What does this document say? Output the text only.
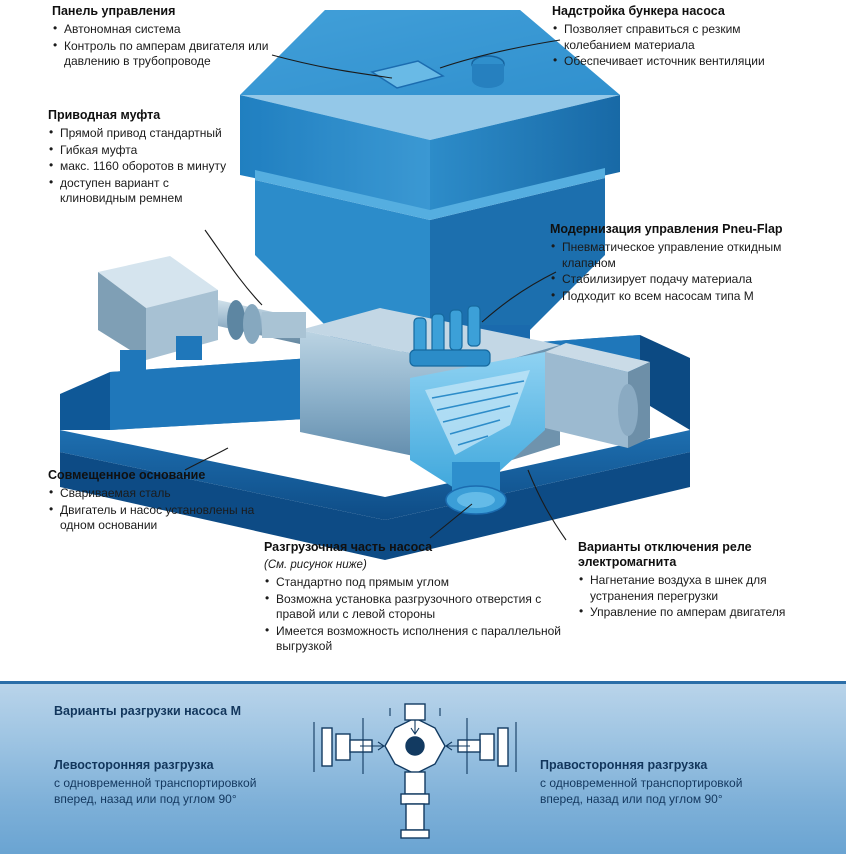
Панель управления
• Автономная система
• Контроль по амперам двигателя или давлению в трубопроводе
Надстройка бункера насоса
• Позволяет справиться с резким колебанием материала
• Обеспечивает источник вентиляции
Приводная муфта
• Прямой привод стандартный
• Гибкая муфта
• макс. 1160 оборотов в минуту
• доступен вариант с клиновидным ремнем
Модернизация управления Pneu-Flap
• Пневматическое управление откидным клапаном
• Стабилизирует подачу материала
• Подходит ко всем насосам типа М
Совмещенное основание
• Свариваемая сталь
• Двигатель и насос установлены на одном основании
Разгрузочная часть насоса
(См. рисунок ниже)
• Стандартно под прямым углом
• Возможна установка разгрузочного отверстия с правой или с левой стороны
• Имеется возможность исполнения с параллельной выгрузкой
Варианты отключения реле электромагнита
• Нагнетание воздуха в шнек для устранения перегрузки
• Управление по амперам двигателя
Варианты разгрузки насоса М
Левосторонняя разгрузка
с одновременной транспортировкой
вперед, назад или под углом 90°
Правосторонняя разгрузка
с одновременной транспортировкой
вперед, назад или под углом 90°
